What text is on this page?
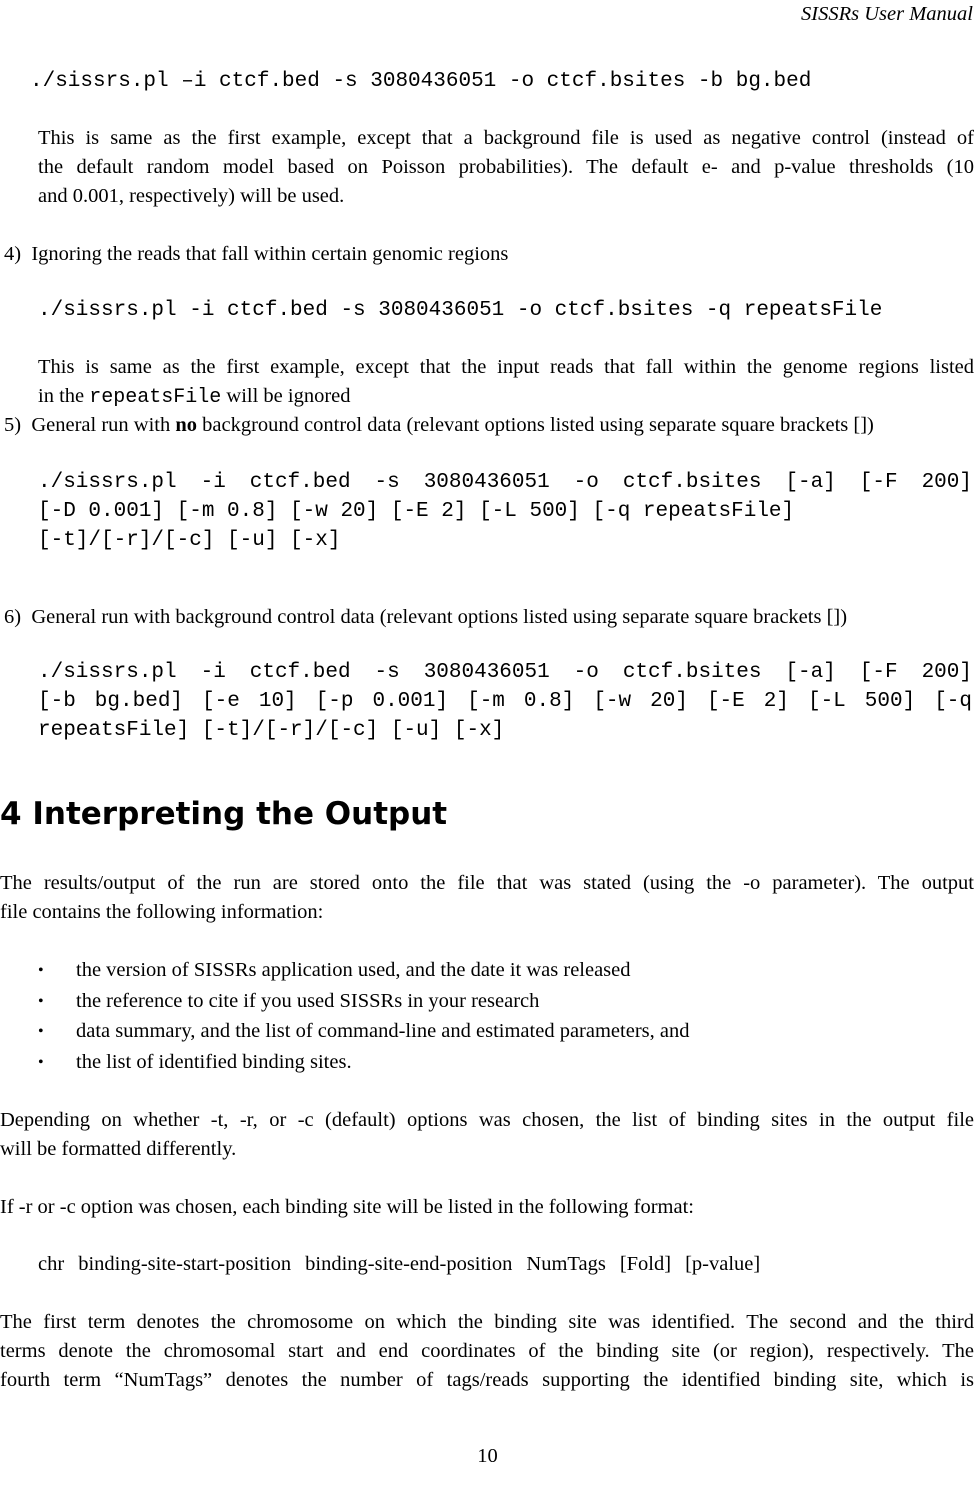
SISSRs User Manual
./sissrs.pl –i ctcf.bed -s 3080436051 -o ctcf.bsites -b bg.bed
This is same as the first example, except that a background file is used as negative control (instead of
the default random model based on Poisson probabilities). The default e- and p-value thresholds (10
and 0.001, respectively) will be used.
4)  Ignoring the reads that fall within certain genomic regions
./sissrs.pl -i ctcf.bed -s 3080436051 -o ctcf.bsites -q repeatsFile
This is same as the first example, except that the input reads that fall within the genome regions listed
in the repeatsFile will be ignored
5)  General run with no background control data (relevant options listed using separate square brackets [])
./sissrs.pl -i ctcf.bed -s 3080436051 -o ctcf.bsites [-a] [-F 200]
[-D 0.001] [-m 0.8] [-w 20] [-E 2] [-L 500] [-q repeatsFile]
[-t]/[-r]/[-c] [-u] [-x]
6)  General run with background control data (relevant options listed using separate square brackets [])
./sissrs.pl -i ctcf.bed -s 3080436051 -o ctcf.bsites [-a] [-F 200]
[-b bg.bed] [-e 10] [-p 0.001] [-m 0.8] [-w 20] [-E 2] [-L 500] [-q
repeatsFile] [-t]/[-r]/[-c] [-u] [-x]
4 Interpreting the Output
The results/output of the run are stored onto the file that was stated (using the -o parameter). The output
file contains the following information:
• the version of SISSRs application used, and the date it was released
• the reference to cite if you used SISSRs in your research
• data summary, and the list of command-line and estimated parameters, and
• the list of identified binding sites.
Depending on whether -t, -r, or -c (default) options was chosen, the list of binding sites in the output file
will be formatted differently.
If -r or -c option was chosen, each binding site will be listed in the following format:
chr binding-site-start-position binding-site-end-position NumTags [Fold] [p-value]
The first term denotes the chromosome on which the binding site was identified. The second and the third
terms denote the chromosomal start and end coordinates of the binding site (or region), respectively. The
fourth term “NumTags” denotes the number of tags/reads supporting the identified binding site, which is
10
